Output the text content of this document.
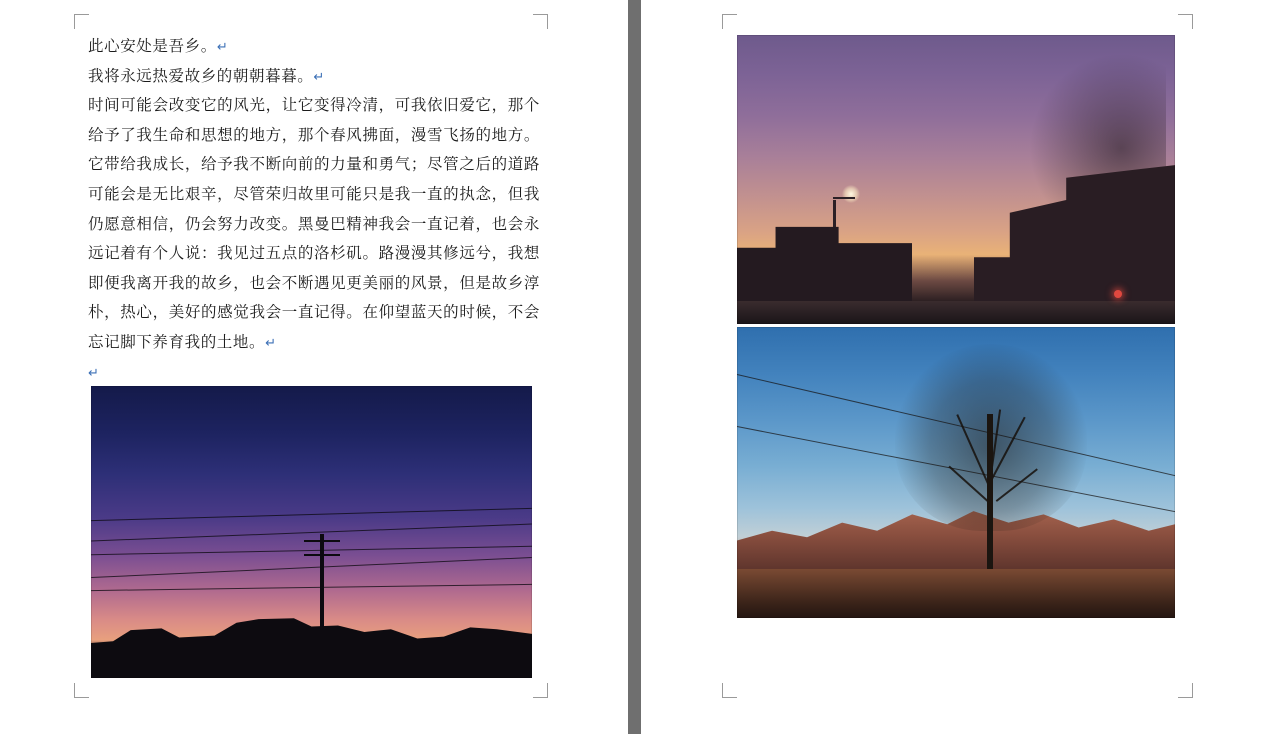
此心安处是吾乡。↵

我将永远热爱故乡的朝朝暮暮。↵

时间可能会改变它的风光，让它变得冷清，可我依旧爱它，那个给予了我生命和思想的地方，那个春风拂面，漫雪飞扬的地方。它带给我成长，给予我不断向前的力量和勇气；尽管之后的道路可能会是无比艰辛，尽管荣归故里可能只是我一直的执念，但我仍愿意相信，仍会努力改变。黑曼巴精神我会一直记着，也会永远记着有个人说：我见过五点的洛杉矶。路漫漫其修远兮，我想即便我离开我的故乡，也会不断遇见更美丽的风景，但是故乡淳朴，热心，美好的感觉我会一直记得。在仰望蓝天的时候，不会忘记脚下养育我的土地。↵

↵
